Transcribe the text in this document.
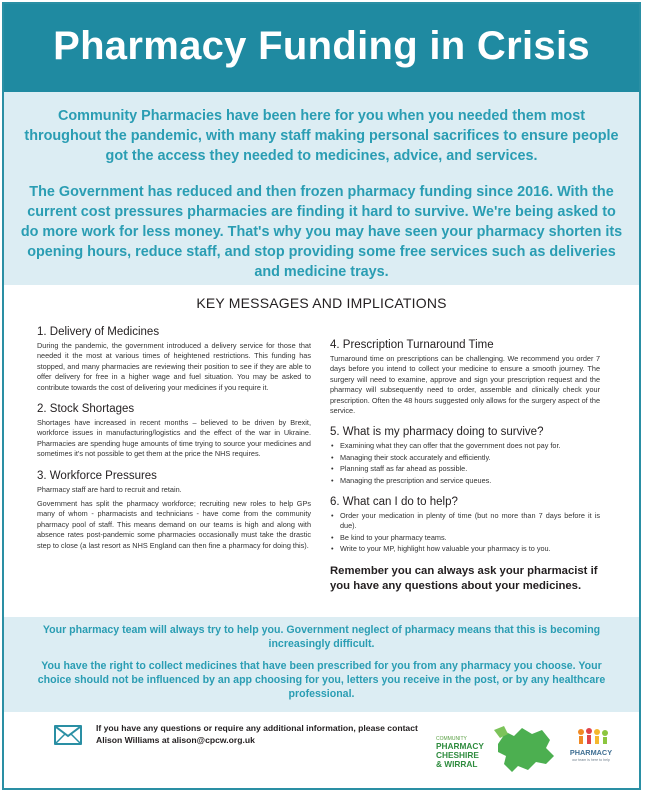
Pharmacy Funding in Crisis

Community Pharmacies have been here for you when you needed them most throughout the pandemic, with many staff making personal sacrifices to ensure people got the access they needed to medicines, advice, and services.

The Government has reduced and then frozen pharmacy funding since 2016. With the current cost pressures pharmacies are finding it hard to survive. We're being asked to do more work for less money. That's why you may have seen your pharmacy shorten its opening hours, reduce staff, and stop providing some free services such as deliveries and medicine trays.

KEY MESSAGES AND IMPLICATIONS
1. Delivery of Medicines
During the pandemic, the government introduced a delivery service for those that needed it the most at various times of heightened restrictions. This funding has stopped, and many pharmacies are reviewing their position to see if they are able to offer delivery for free in a higher wage and fuel situation. You may be asked to contribute towards the cost of delivering your medicines if you require it.
2. Stock Shortages
Shortages have increased in recent months – believed to be driven by Brexit, workforce issues in manufacturing/logistics and the effect of the war in Ukraine. Pharmacies are spending huge amounts of time trying to source your medicines and sometimes it's not possible to get them at the price the NHS requires.
3. Workforce Pressures
Pharmacy staff are hard to recruit and retain.
Government has split the pharmacy workforce; recruiting new roles to help GPs many of whom - pharmacists and technicians - have come from the community pharmacy pool of staff. This means demand on our teams is high and along with absence rates post-pandemic some pharmacies occasionally must take the drastic step to close (a last resort as NHS England can then fine a pharmacy for doing this).
4. Prescription Turnaround Time
Turnaround time on prescriptions can be challenging. We recommend you order 7 days before you intend to collect your medicine to ensure a smooth journey. The surgery will need to examine, approve and sign your prescription request and the pharmacy will subsequently need to order, assemble and clinically check your prescription. Often the 48 hours suggested only allows for the surgery aspect of the service.
5. What is my pharmacy doing to survive?
• Examining what they can offer that the government does not pay for.
• Managing their stock accurately and efficiently.
• Planning staff as far ahead as possible.
• Managing the prescription and service queues.
6. What can I do to help?
• Order your medication in plenty of time (but no more than 7 days before it is due).
• Be kind to your pharmacy teams.
• Write to your MP, highlight how valuable your pharmacy is to you.
Remember you can always ask your pharmacist if you have any questions about your medicines.

Your pharmacy team will always try to help you. Government neglect of pharmacy means that this is becoming increasingly difficult.

You have the right to collect medicines that have been prescribed for you from any pharmacy you choose. Your choice should not be influenced by an app choosing for you, letters you receive in the post, or by any healthcare professional.

If you have any questions or require any additional information, please contact Alison Williams at alison@cpcw.org.uk	COMMUNITY
PHARMACY
CHESHIRE
& WIRRAL
PHARMACY
our team is here to help
